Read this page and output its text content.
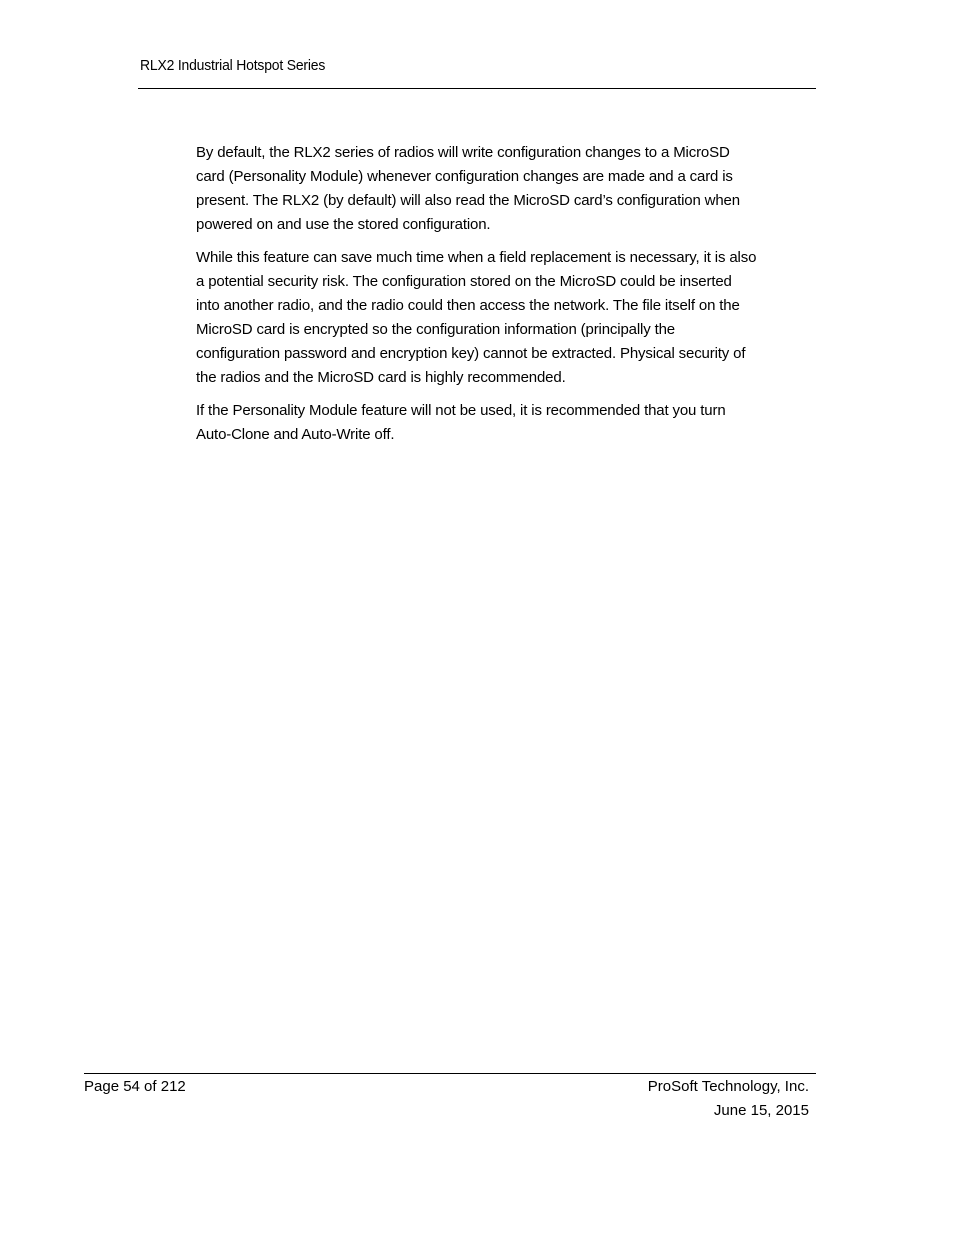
RLX2 Industrial Hotspot Series

By default, the RLX2 series of radios will write configuration changes to a MicroSD card (Personality Module) whenever configuration changes are made and a card is present. The RLX2 (by default) will also read the MicroSD card’s configuration when powered on and use the stored configuration.

While this feature can save much time when a field replacement is necessary, it is also a potential security risk. The configuration stored on the MicroSD could be inserted into another radio, and the radio could then access the network. The file itself on the MicroSD card is encrypted so the configuration information (principally the configuration password and encryption key) cannot be extracted. Physical security of the radios and the MicroSD card is highly recommended.

If the Personality Module feature will not be used, it is recommended that you turn Auto-Clone and Auto-Write off.

Page 54 of 212	ProSoft Technology, Inc.
June 15, 2015
